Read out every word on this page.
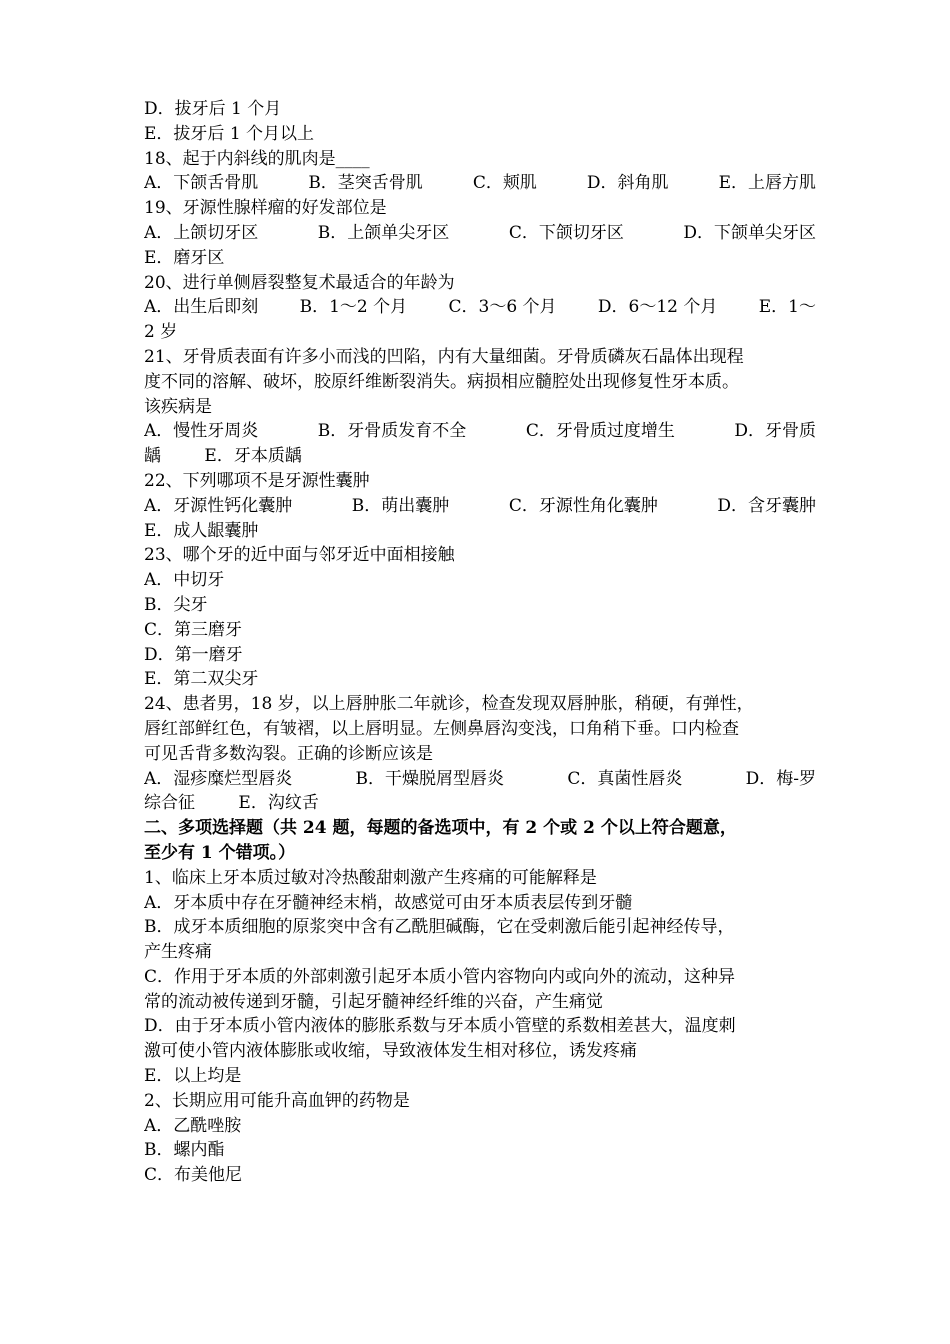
D．拔牙后 1 个月
E．拔牙后 1 个月以上
18、起于内斜线的肌肉是____
A．下颌舌骨肌	B．茎突舌骨肌	C．颊肌	D．斜角肌	E．上唇方肌
19、牙源性腺样瘤的好发部位是
A．上颌切牙区	B．上颌单尖牙区	C．下颌切牙区	D．下颌单尖牙区
E．磨牙区
20、进行单侧唇裂整复术最适合的年龄为
A．出生后即刻 B．1～2 个月 C．3～6 个月 D．6～12 个月 E．1～
2 岁
21、牙骨质表面有许多小而浅的凹陷，内有大量细菌。牙骨质磷灰石晶体出现程
度不同的溶解、破坏，胶原纤维断裂消失。病损相应髓腔处出现修复性牙本质。
该疾病是
A．慢性牙周炎	B．牙骨质发育不全	C．牙骨质过度增生	D．牙骨质
龋	E．牙本质龋
22、下列哪项不是牙源性囊肿
A．牙源性钙化囊肿	B．萌出囊肿	C．牙源性角化囊肿	D．含牙囊肿
E．成人龈囊肿
23、哪个牙的近中面与邻牙近中面相接触
A．中切牙
B．尖牙
C．第三磨牙
D．第一磨牙
E．第二双尖牙
24、患者男，18 岁，以上唇肿胀二年就诊，检查发现双唇肿胀，稍硬，有弹性，
唇红部鲜红色，有皱褶，以上唇明显。左侧鼻唇沟变浅，口角稍下垂。口内检查
可见舌背多数沟裂。正确的诊断应该是
A．湿疹糜烂型唇炎	B．干燥脱屑型唇炎	C．真菌性唇炎	D．梅-罗
综合征	E．沟纹舌
二、多项选择题（共 24 题，每题的备选项中，有 2 个或 2 个以上符合题意，
至少有 1 个错项。）
1、临床上牙本质过敏对冷热酸甜刺激产生疼痛的可能解释是
A．牙本质中存在牙髓神经末梢，故感觉可由牙本质表层传到牙髓
B．成牙本质细胞的原浆突中含有乙酰胆碱酶，它在受刺激后能引起神经传导，
产生疼痛
C．作用于牙本质的外部刺激引起牙本质小管内容物向内或向外的流动，这种异
常的流动被传递到牙髓，引起牙髓神经纤维的兴奋，产生痛觉
D．由于牙本质小管内液体的膨胀系数与牙本质小管壁的系数相差甚大，温度刺
激可使小管内液体膨胀或收缩，导致液体发生相对移位，诱发疼痛
E．以上均是
2、长期应用可能升高血钾的药物是
A．乙酰唑胺
B．螺内酯
C．布美他尼
